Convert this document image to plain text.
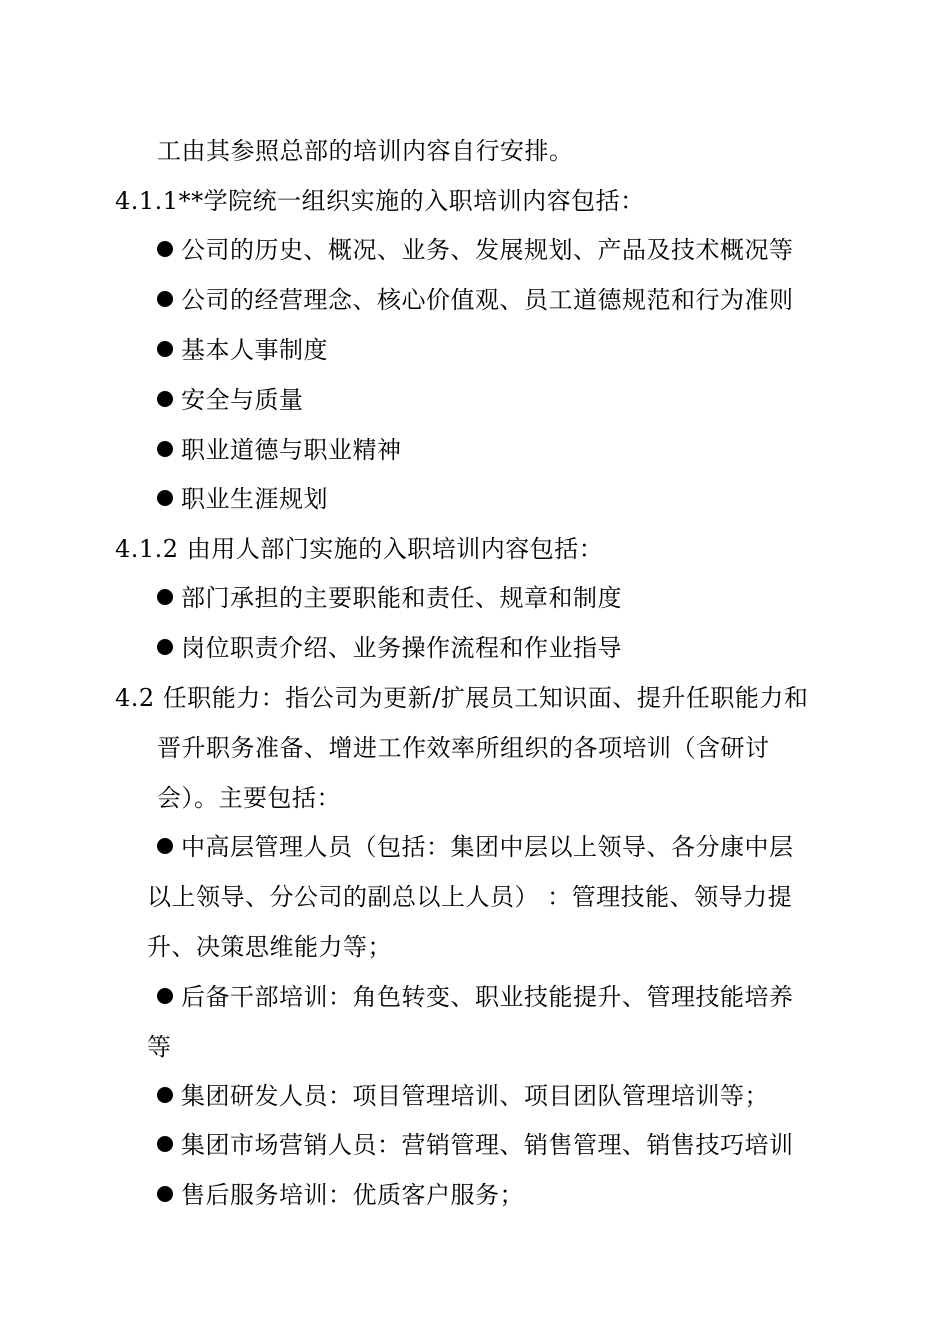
工由其参照总部的培训内容自行安排。
4.1.1**学院统一组织实施的入职培训内容包括：
公司的历史、概况、业务、发展规划、产品及技术概况等
公司的经营理念、核心价值观、员工道德规范和行为准则
基本人事制度
安全与质量
职业道德与职业精神
职业生涯规划
4.1.2 由用人部门实施的入职培训内容包括：
部门承担的主要职能和责任、规章和制度
岗位职责介绍、业务操作流程和作业指导
4.2 任职能力：指公司为更新/扩展员工知识面、提升任职能力和
晋升职务准备、增进工作效率所组织的各项培训（含研讨
会）。主要包括：
中高层管理人员（包括：集团中层以上领导、各分康中层
以上领导、分公司的副总以上人员） ：管理技能、领导力提
升、决策思维能力等；
后备干部培训：角色转变、职业技能提升、管理技能培养
等
集团研发人员：项目管理培训、项目团队管理培训等；
集团市场营销人员：营销管理、销售管理、销售技巧培训
售后服务培训：优质客户服务；
